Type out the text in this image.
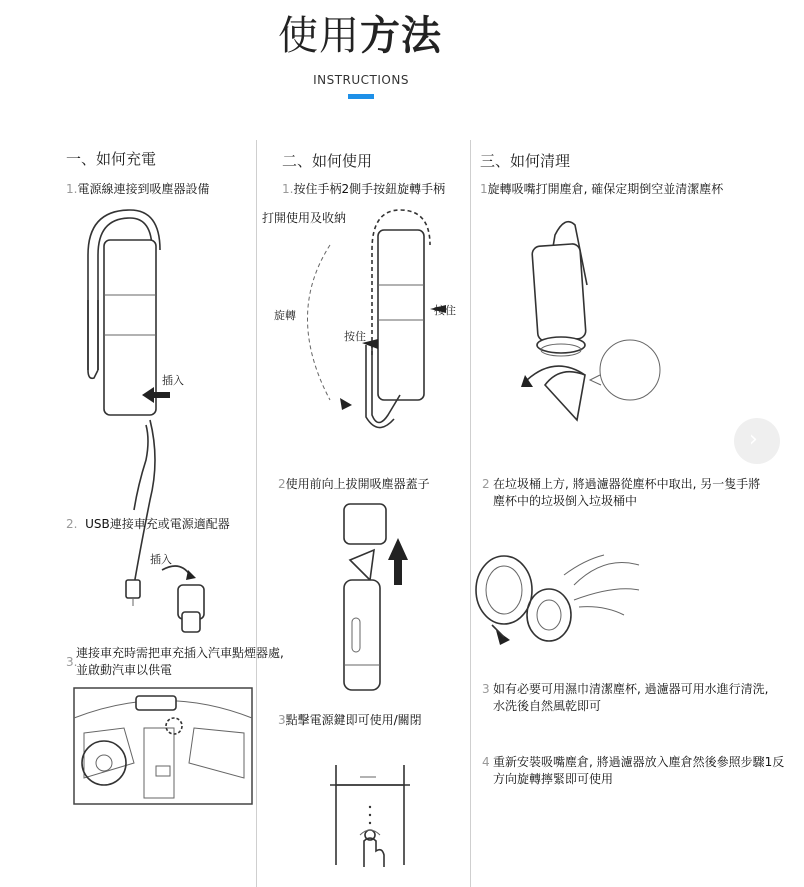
使用方法
INSTRUCTIONS
一、如何充電
1.電源線連接到吸塵器設備
插入
插入
2. USB連接車充或電源適配器
3.
連接車充時需把車充插入汽車點煙器處,
並啟動汽車以供電
二、如何使用
1.按住手柄2側手按鈕旋轉手柄
打開使用及收納
旋轉
按住
按住
2使用前向上拔開吸塵器蓋子
3點擊電源鍵即可使用/關閉
三、如何清理
1旋轉吸嘴打開塵倉, 確保定期倒空並清潔塵杯
›
2 在垃圾桶上方, 將過濾器從塵杯中取出, 另一隻手將
塵杯中的垃圾倒入垃圾桶中
3 如有必要可用濕巾清潔塵杯, 過濾器可用水進行清洗,
水洗後自然風乾即可
4 重新安裝吸嘴塵倉, 將過濾器放入塵倉然後參照步驟1反
方向旋轉擰緊即可使用
